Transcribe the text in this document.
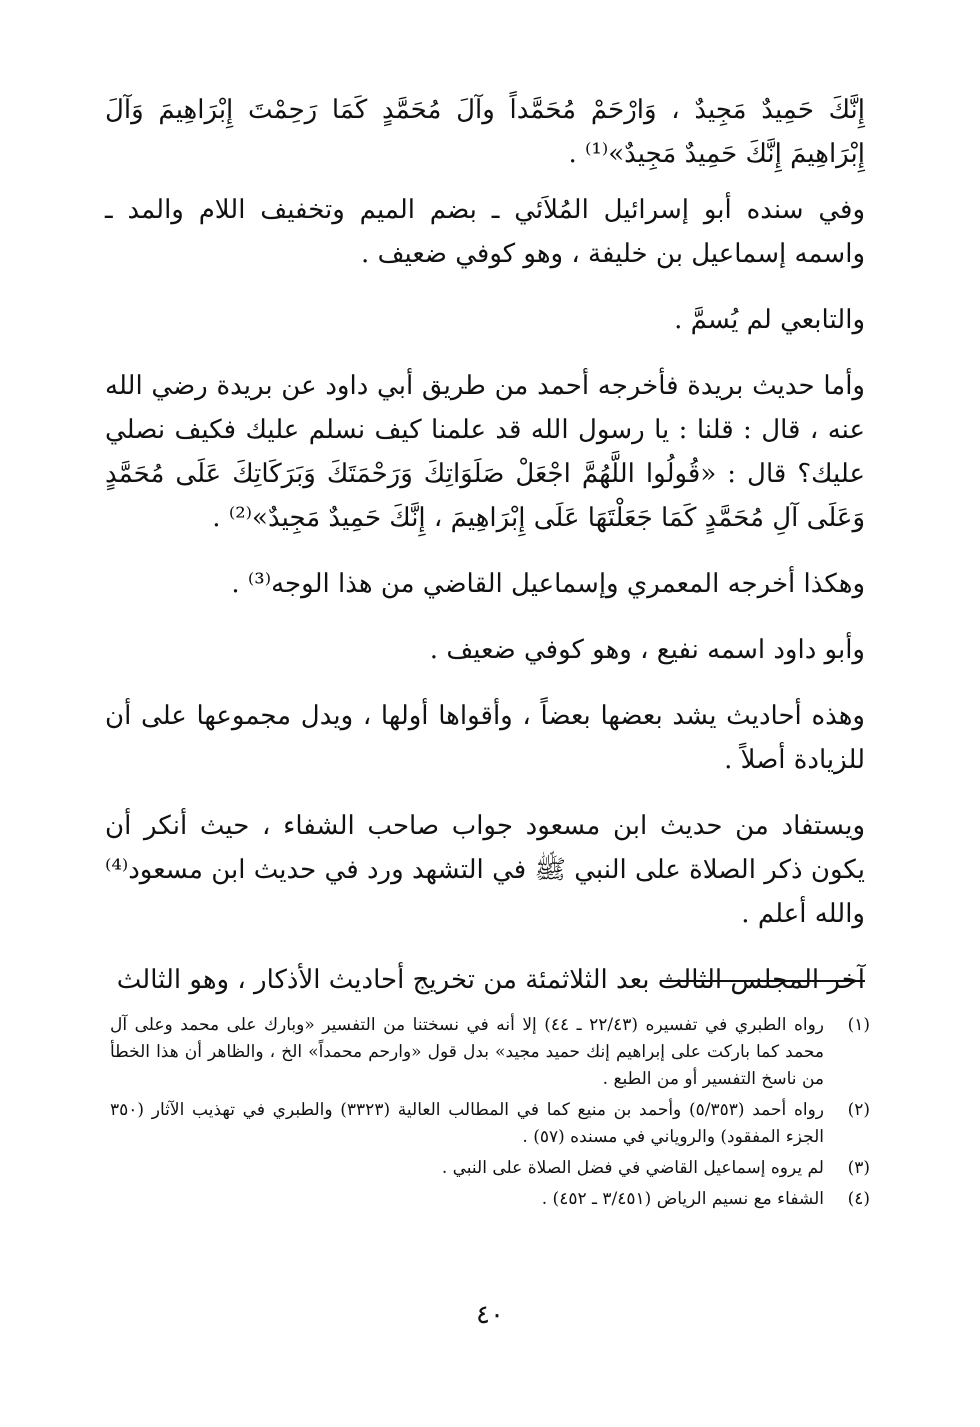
إِنَّكَ حَمِيدٌ مَجِيدٌ ، وَارْحَمْ مُحَمَّداً وآلَ مُحَمَّدٍ كَمَا رَحِمْتَ إِبْرَاهِيمَ وَآلَ إِبْرَاهِيمَ إِنَّكَ حَمِيدٌ مَجِيدٌ»⁽¹⁾ .

وفي سنده أبو إسرائيل المُلاَئي ـ بضم الميم وتخفيف اللام والمد ـ واسمه إسماعيل بن خليفة ، وهو كوفي ضعيف .

والتابعي لم يُسمَّ .

وأما حديث بريدة فأخرجه أحمد من طريق أبي داود عن بريدة رضي الله عنه ، قال : قلنا : يا رسول الله قد علمنا كيف نسلم عليك فكيف نصلي عليك؟ قال : «قُولُوا اللَّهُمَّ اجْعَلْ صَلَوَاتِكَ وَرَحْمَتَكَ وَبَرَكَاتِكَ عَلَى مُحَمَّدٍ وَعَلَى آلِ مُحَمَّدٍ كَمَا جَعَلْتَهَا عَلَى إِبْرَاهِيمَ ، إِنَّكَ حَمِيدٌ مَجِيدٌ»⁽²⁾ .

وهكذا أخرجه المعمري وإسماعيل القاضي من هذا الوجه⁽³⁾ .

وأبو داود اسمه نفيع ، وهو كوفي ضعيف .

وهذه أحاديث يشد بعضها بعضاً ، وأقواها أولها ، ويدل مجموعها على أن للزيادة أصلاً .

ويستفاد من حديث ابن مسعود جواب صاحب الشفاء ، حيث أنكر أن يكون ذكر الصلاة على النبي ﷺ في التشهد ورد في حديث ابن مسعود⁽⁴⁾ والله أعلم .

آخر المجلس الثالث بعد الثلاثمئة من تخريج أحاديث الأذكار ، وهو الثالث

(١)
رواه الطبري في تفسيره (٢٢/٤٣ ـ ٤٤) إلا أنه في نسختنا من التفسير «وبارك على محمد وعلى آل محمد كما باركت على إبراهيم إنك حميد مجيد» بدل قول «وارحم محمداً» الخ ، والظاهر أن هذا الخطأ من ناسخ التفسير أو من الطبع .
(٢)
رواه أحمد (٥/٣٥٣) وأحمد بن منيع كما في المطالب العالية (٣٣٢٣) والطبري في تهذيب الآثار (٣٥٠ الجزء المفقود) والروياني في مسنده (٥٧) .
(٣)
لم يروه إسماعيل القاضي في فضل الصلاة على النبي .
(٤)
الشفاء مع نسيم الرياض (٣/٤٥١ ـ ٤٥٢) .
٤٠
